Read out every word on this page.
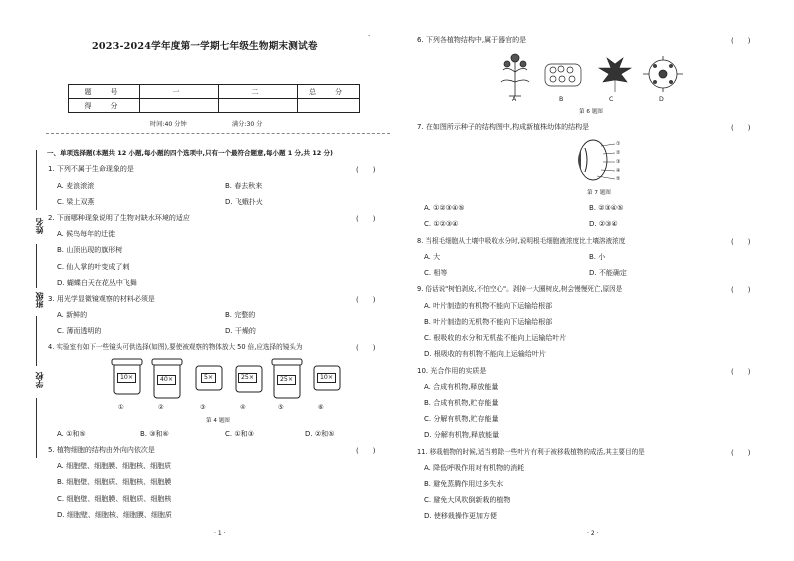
2023-2024学年度第一学期七年级生物期末测试卷
·
题　号	一	二	总　分
得　分			
时间:40 分钟	满分:30 分
姓名
班级
学校
一、单项选择题(本题共 12 小题,每小题的四个选项中,只有一个最符合题意,每小题 1 分,共 12 分)
1. 下列不属于生命现象的是	(　　)
A. 麦浪滚滚	B. 春去秋来
C. 梁上双燕	D. 飞蛾扑火
2. 下面哪种现象说明了生物对缺水环境的适应	(　　)
A. 候鸟每年的迁徙
B. 山顶出现的旗形树
C. 仙人掌的叶变成了刺
D. 蝴蝶白天在花丛中飞舞
3. 用光学显微镜观察的材料必须是	(　　)
A. 新鲜的	B. 完整的
C. 薄而透明的	D. 干燥的
4. 实验室有如下一些镜头可供选择(如图),要使被观察的物体放大 50 倍,应选择的镜头为	(　　)
10×	40×	5×	25×	25×	10×
①	②	③	④	⑤	⑥
第 4 题图
A. ①和⑤	B. ③和⑥	C. ①和③	D. ②和⑤
5. 植物细胞的结构由外向内依次是	(　　)
A. 细胞壁、细胞膜、细胞核、细胞质
B. 细胞壁、细胞质、细胞核、细胞膜
C. 细胞壁、细胞膜、细胞质、细胞核
D. 细胞壁、细胞核、细胞膜、细胞质
· 1 ·
6. 下列各植物结构中,属于器官的是	(　　)
A	B	C	D
第 6 题图
7. 在如图所示种子的结构图中,构成新植株幼体的结构是	(　　)
①
②
③
④
⑤
第 7 题图
A. ①②③④⑤	B. ②③④⑤
C. ①②③④	D. ②③④
8. 当根毛细胞从土壤中吸收水分时,说明根毛细胞液浓度比土壤溶液浓度	(　　)
A. 大	B. 小
C. 相等	D. 不能确定
9. 俗话说"树怕剥皮,不怕空心"。剥掉一大圈树皮,树会慢慢死亡,原因是	(　　)
A. 叶片制造的有机物不能向下运输给根部
B. 叶片制造的无机物不能向下运输给根部
C. 根吸收的水分和无机盐不能向上运输给叶片
D. 根吸收的有机物不能向上运输给叶片
10. 光合作用的实质是	(　　)
A. 合成有机物,释放能量
B. 合成有机物,贮存能量
C. 分解有机物,贮存能量
D. 分解有机物,释放能量
11. 移栽植物的时候,适当剪除一些叶片有利于被移栽植物的成活,其主要目的是	(　　)
A. 降低呼吸作用对有机物的消耗
B. 避免蒸腾作用过多失水
C. 避免大风吹倒新栽的植物
D. 使移栽操作更加方便
· 2 ·
